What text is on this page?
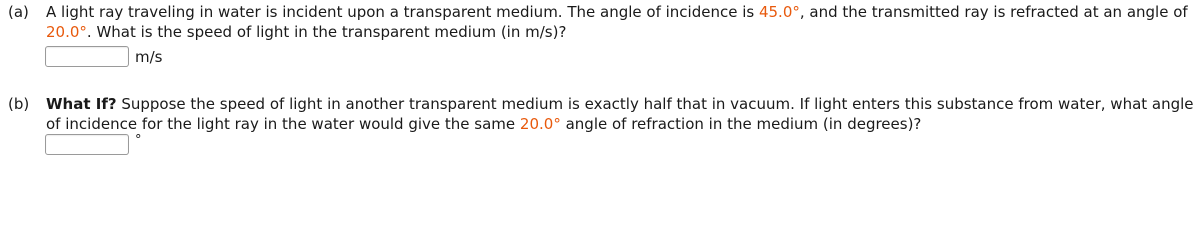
(a) A light ray traveling in water is incident upon a transparent medium. The angle of incidence is 45.0°, and the transmitted ray is refracted at an angle of 20.0°. What is the speed of light in the transparent medium (in m/s)?
m/s
(b) What If? Suppose the speed of light in another transparent medium is exactly half that in vacuum. If light enters this substance from water, what angle of incidence for the light ray in the water would give the same 20.0° angle of refraction in the medium (in degrees)?
°
